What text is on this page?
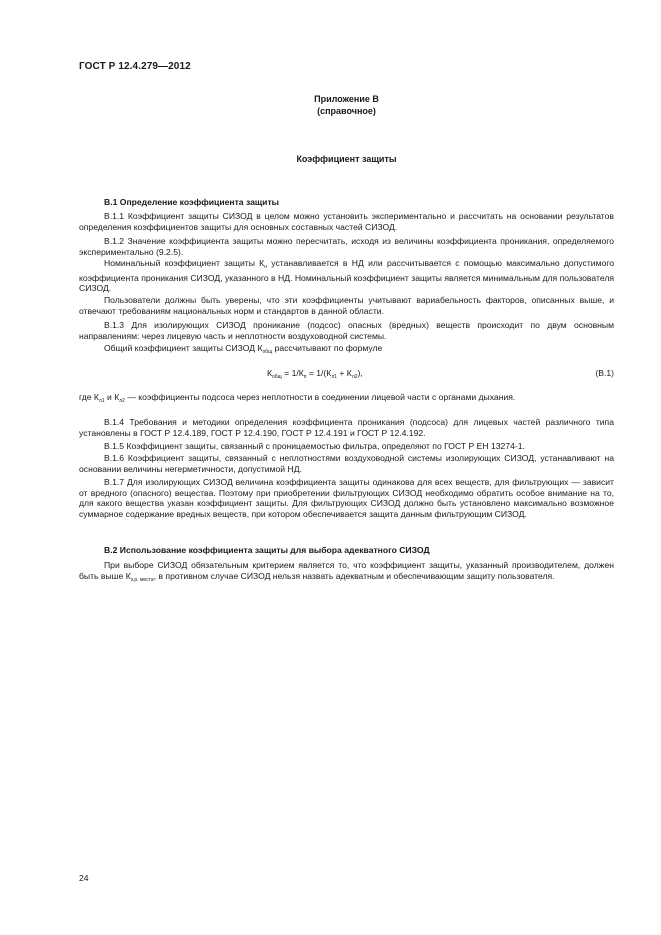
ГОСТ Р 12.4.279—2012
Приложение В
(справочное)
Коэффициент защиты
В.1 Определение коэффициента защиты
В.1.1 Коэффициент защиты СИЗОД в целом можно установить экспериментально и рассчитать на основании результатов определения коэффициентов защиты для основных составных частей СИЗОД.
В.1.2 Значение коэффициента защиты можно пересчитать, исходя из величины коэффициента проникания, определяемого экспериментально (9.2.5).
Номинальный коэффициент защиты $К_н$ устанавливается в НД или рассчитывается с помощью максимально допустимого коэффициента проникания СИЗОД, указанного в НД. Номинальный коэффициент защиты является минимальным для пользователя СИЗОД.
Пользователи должны быть уверены, что эти коэффициенты учитывают вариабельность факторов, описанных выше, и отвечают требованиям национальных норм и стандартов в данной области.
В.1.3 Для изолирующих СИЗОД проникание (подсос) опасных (вредных) веществ происходит по двум основным направлениям: через лицевую часть и неплотности воздуховодной системы.
Общий коэффициент защиты СИЗОД $К_{общ}$ рассчитывают по формуле
$К_{общ} = 1/К_п = 1/(К_{л1} + К_{л2})$,	(В.1)
где $К_{л1}$ и $К_{л2}$ — коэффициенты подсоса через неплотности в соединении лицевой части с органами дыхания.
В.1.4 Требования и методики определения коэффициента проникания (подсоса) для лицевых частей различного типа установлены в ГОСТ Р 12.4.189, ГОСТ Р 12.4.190, ГОСТ Р 12.4.191 и ГОСТ Р 12.4.192.
В.1.5 Коэффициент защиты, связанный с проницаемостью фильтра, определяют по ГОСТ Р ЕН 13274-1.
В.1.6 Коэффициент защиты, связанный с неплотностями воздуховодной системы изолирующих СИЗОД, устанавливают на основании величины негерметичности, допустимой НД.
В.1.7 Для изолирующих СИЗОД величина коэффициента защиты одинакова для всех веществ, для фильтрующих — зависит от вредного (опасного) вещества. Поэтому при приобретении фильтрующих СИЗОД необходимо обратить особое внимание на то, для какого вещества указан коэффициент защиты. Для фильтрующих СИЗОД должно быть установлено максимально возможное суммарное содержание вредных веществ, при котором обеспечивается защита данным фильтрующим СИЗОД.
В.2 Использование коэффициента защиты для выбора адекватного СИЗОД
При выборе СИЗОД обязательным критерием является то, что коэффициент защиты, указанный производителем, должен быть выше $К_{з.р. места}$, в противном случае СИЗОД нельзя назвать адекватным и обеспечивающим защиту пользователя.
24
